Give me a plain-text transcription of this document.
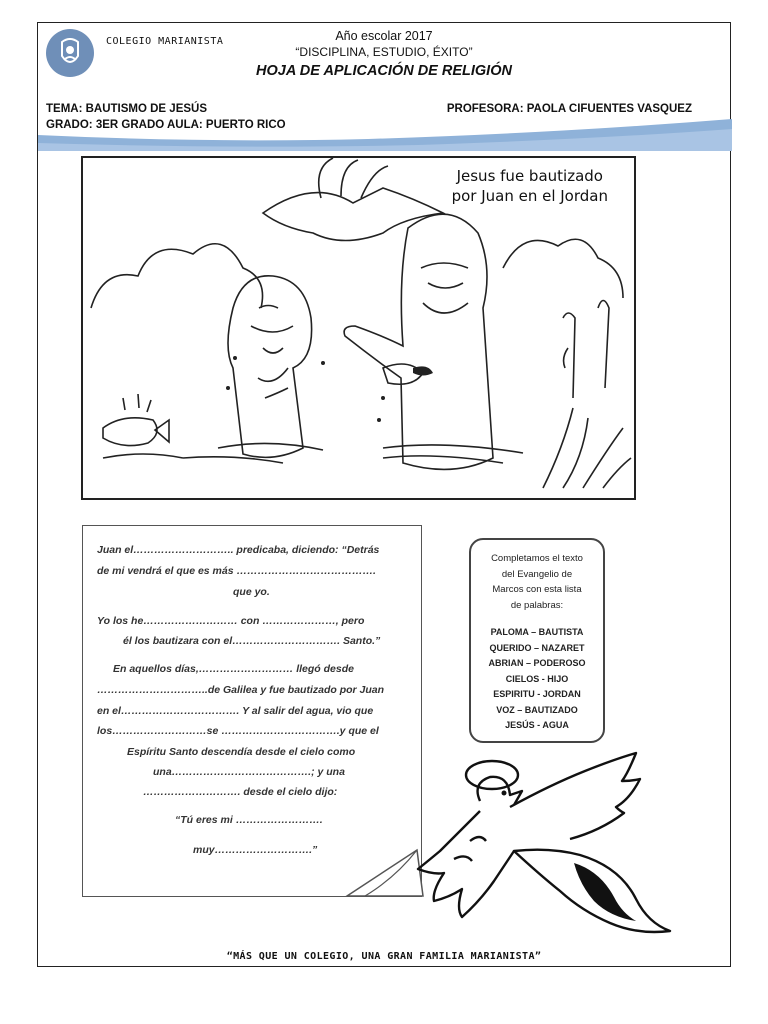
COLEGIO MARIANISTA	Año escolar 2017
“DISCIPLINA, ESTUDIO, ÉXITO”
HOJA DE APLICACIÓN DE RELIGIÓN
TEMA: BAUTISMO DE JESÚS	PROFESORA: PAOLA CIFUENTES VASQUEZ
GRADO: 3ER GRADO AULA: PUERTO RICO
Jesus fue bautizado
por Juan en el Jordan
Juan el……………………….. predicaba, diciendo: “Detrás
de mi vendrá el que es más ………………………………….
que yo.
Yo los he……………………… con …………………, pero
él los bautizara con el…………………………. Santo.”
En aquellos días,……………………… llegó desde
…………………………..de Galilea y fue bautizado por Juan
en el……………………………. Y al salir del agua, vio que
los………………………se …………………………….y que el
Espíritu Santo descendía desde el cielo como
una………………………………….; y una
………………………. desde el cielo dijo:
“Tú eres mi …………………….
muy……………………….”
Completamos el texto
del Evangelio de
Marcos con esta lista
de palabras:
PALOMA – BAUTISTA
QUERIDO – NAZARET
ABRIAN – PODEROSO
CIELOS - HIJO
ESPIRITU - JORDAN
VOZ – BAUTIZADO
JESÚS - AGUA
“MÁS QUE UN COLEGIO, UNA GRAN FAMILIA MARIANISTA”
